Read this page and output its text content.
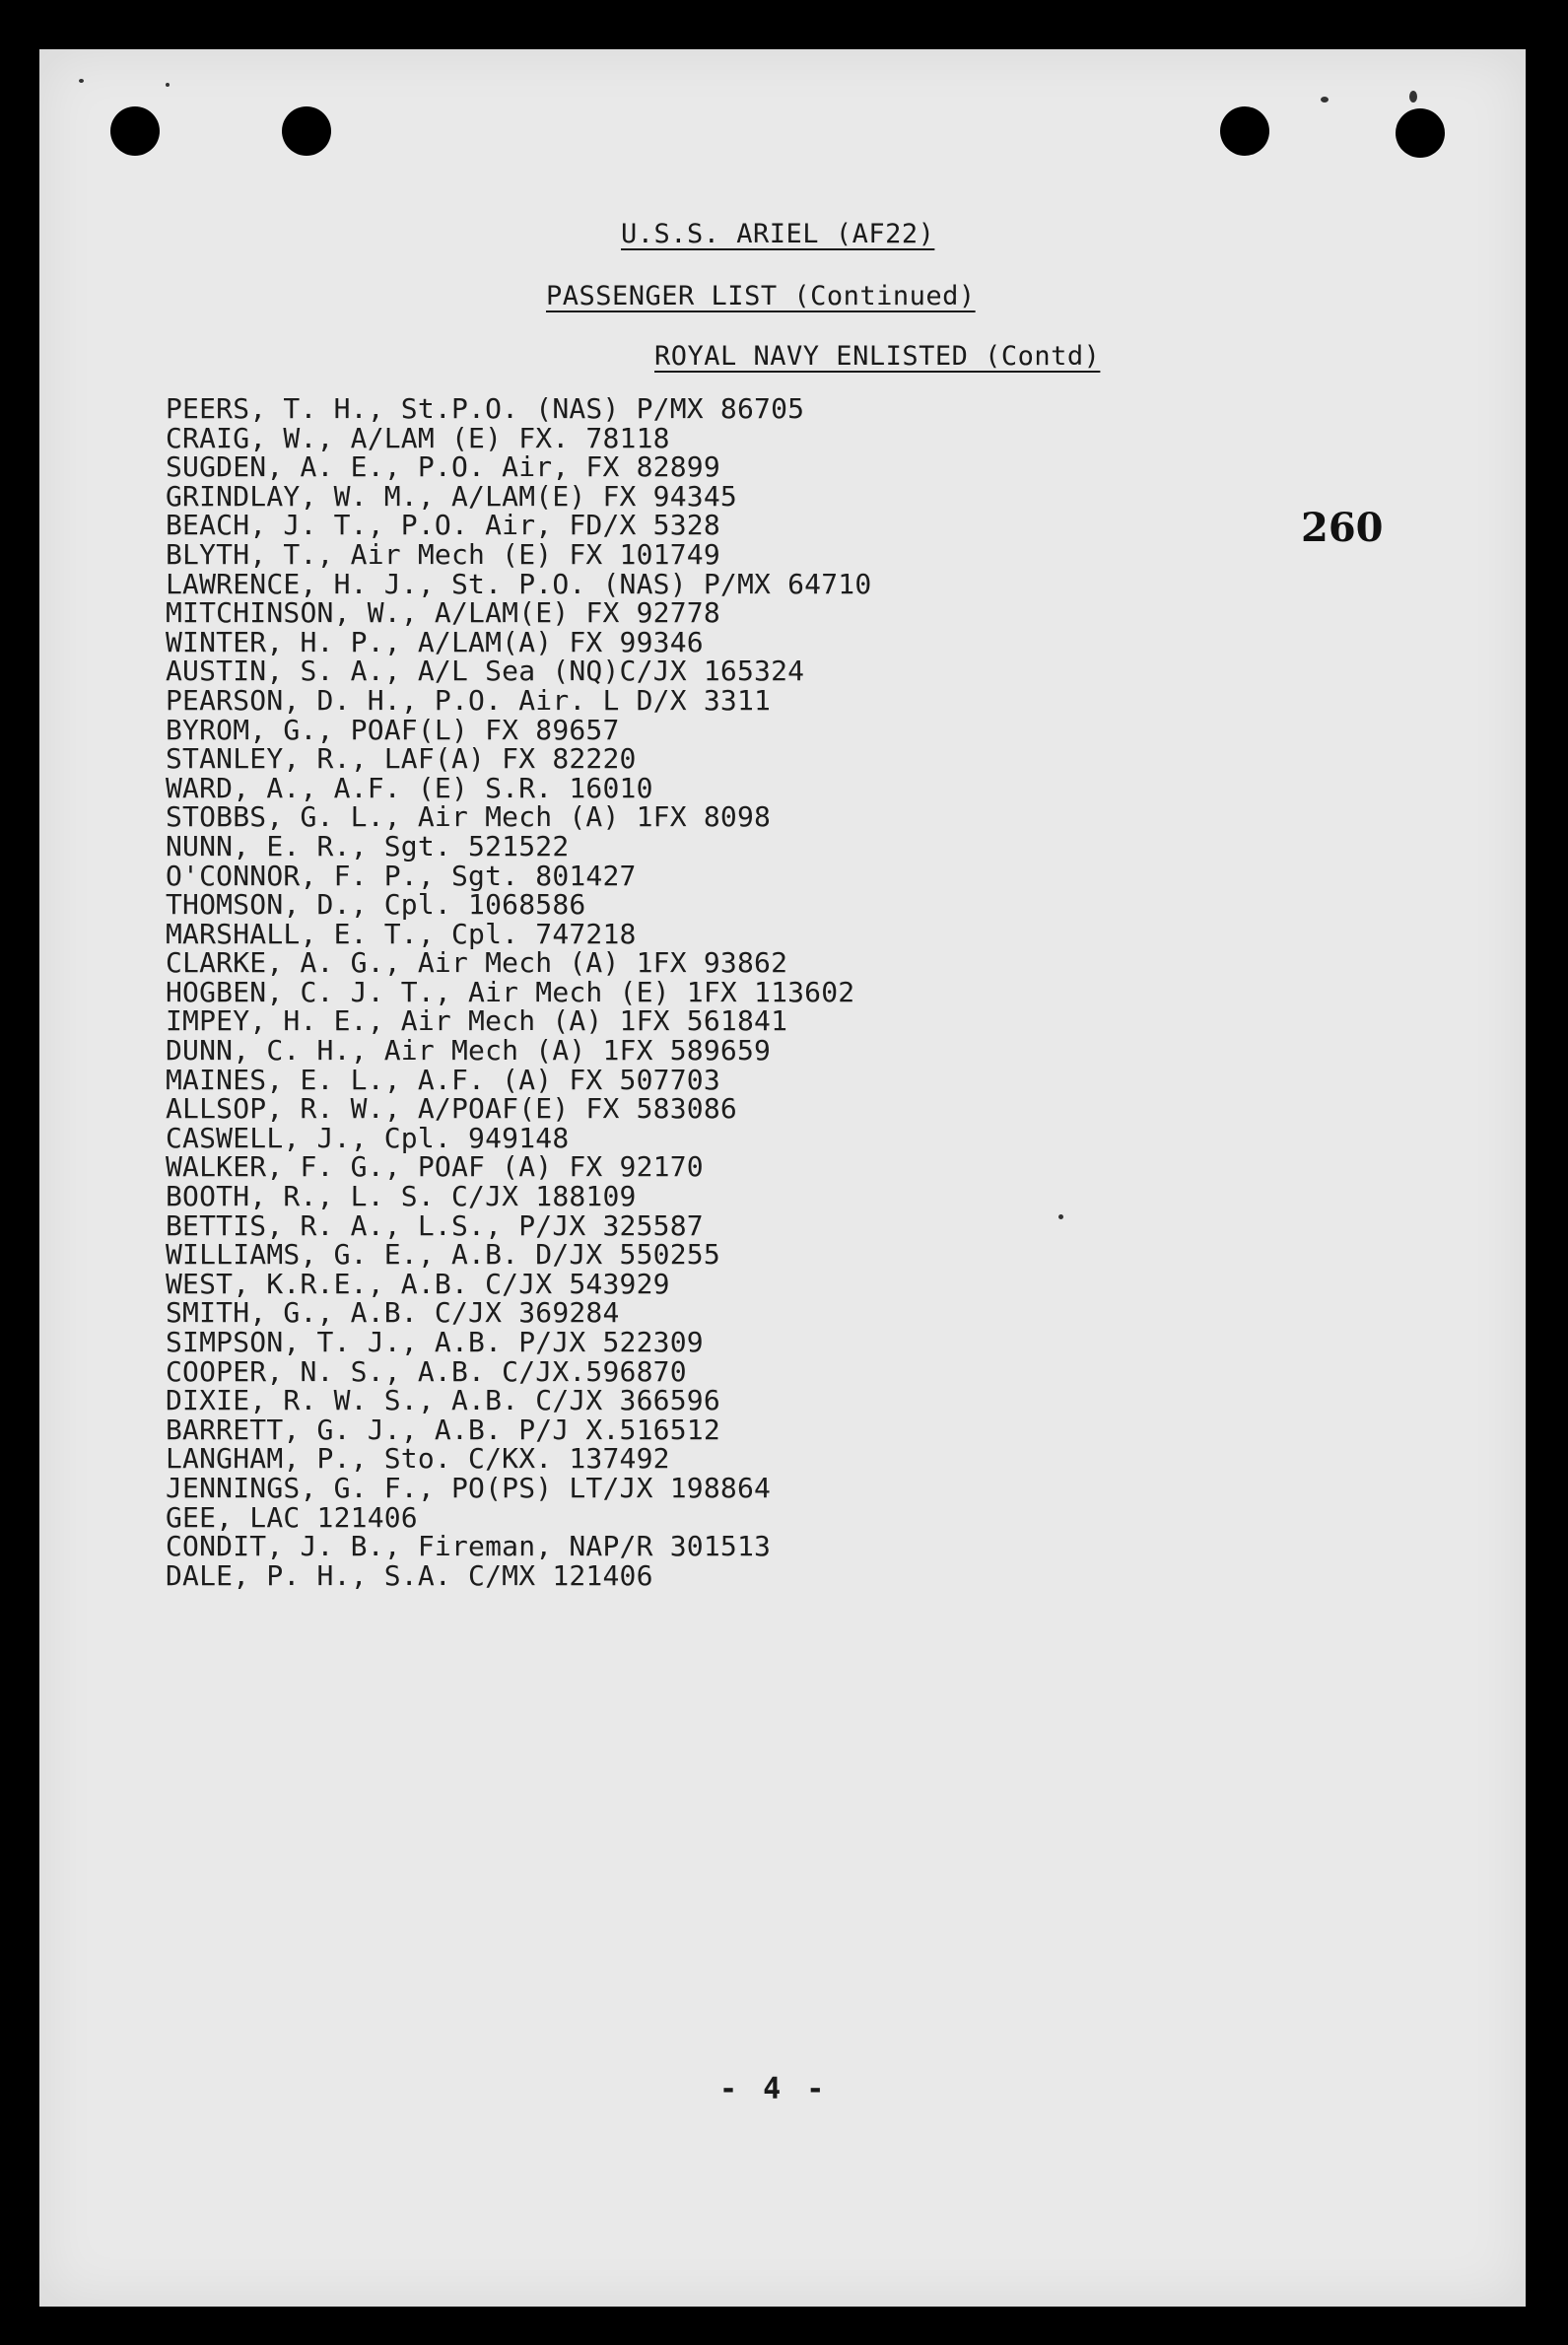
U.S.S. ARIEL (AF22)
PASSENGER LIST (Continued)
ROYAL NAVY ENLISTED (Contd)
260
PEERS, T. H., St.P.O. (NAS) P/MX 86705
CRAIG, W., A/LAM (E) FX. 78118
SUGDEN, A. E., P.O. Air, FX 82899
GRINDLAY, W. M., A/LAM(E) FX 94345
BEACH, J. T., P.O. Air, FD/X 5328
BLYTH, T., Air Mech (E) FX 101749
LAWRENCE, H. J., St. P.O. (NAS) P/MX 64710
MITCHINSON, W., A/LAM(E) FX 92778
WINTER, H. P., A/LAM(A) FX 99346
AUSTIN, S. A., A/L Sea (NQ)C/JX 165324
PEARSON, D. H., P.O. Air. L D/X 3311
BYROM, G., POAF(L) FX 89657
STANLEY, R., LAF(A) FX 82220
WARD, A., A.F. (E) S.R. 16010
STOBBS, G. L., Air Mech (A) 1FX 8098
NUNN, E. R., Sgt. 521522
O'CONNOR, F. P., Sgt. 801427
THOMSON, D., Cpl. 1068586
MARSHALL, E. T., Cpl. 747218
CLARKE, A. G., Air Mech (A) 1FX 93862
HOGBEN, C. J. T., Air Mech (E) 1FX 113602
IMPEY, H. E., Air Mech (A) 1FX 561841
DUNN, C. H., Air Mech (A) 1FX 589659
MAINES, E. L., A.F. (A) FX 507703
ALLSOP, R. W., A/POAF(E) FX 583086
CASWELL, J., Cpl. 949148
WALKER, F. G., POAF (A) FX 92170
BOOTH, R., L. S. C/JX 188109
BETTIS, R. A., L.S., P/JX 325587
WILLIAMS, G. E., A.B. D/JX 550255
WEST, K.R.E., A.B. C/JX 543929
SMITH, G., A.B. C/JX 369284
SIMPSON, T. J., A.B. P/JX 522309
COOPER, N. S., A.B. C/JX.596870
DIXIE, R. W. S., A.B. C/JX 366596
BARRETT, G. J., A.B. P/J X.516512
LANGHAM, P., Sto. C/KX. 137492
JENNINGS, G. F., PO(PS) LT/JX 198864
GEE, LAC 121406
CONDIT, J. B., Fireman, NAP/R 301513
DALE, P. H., S.A. C/MX 121406
- 4 -
